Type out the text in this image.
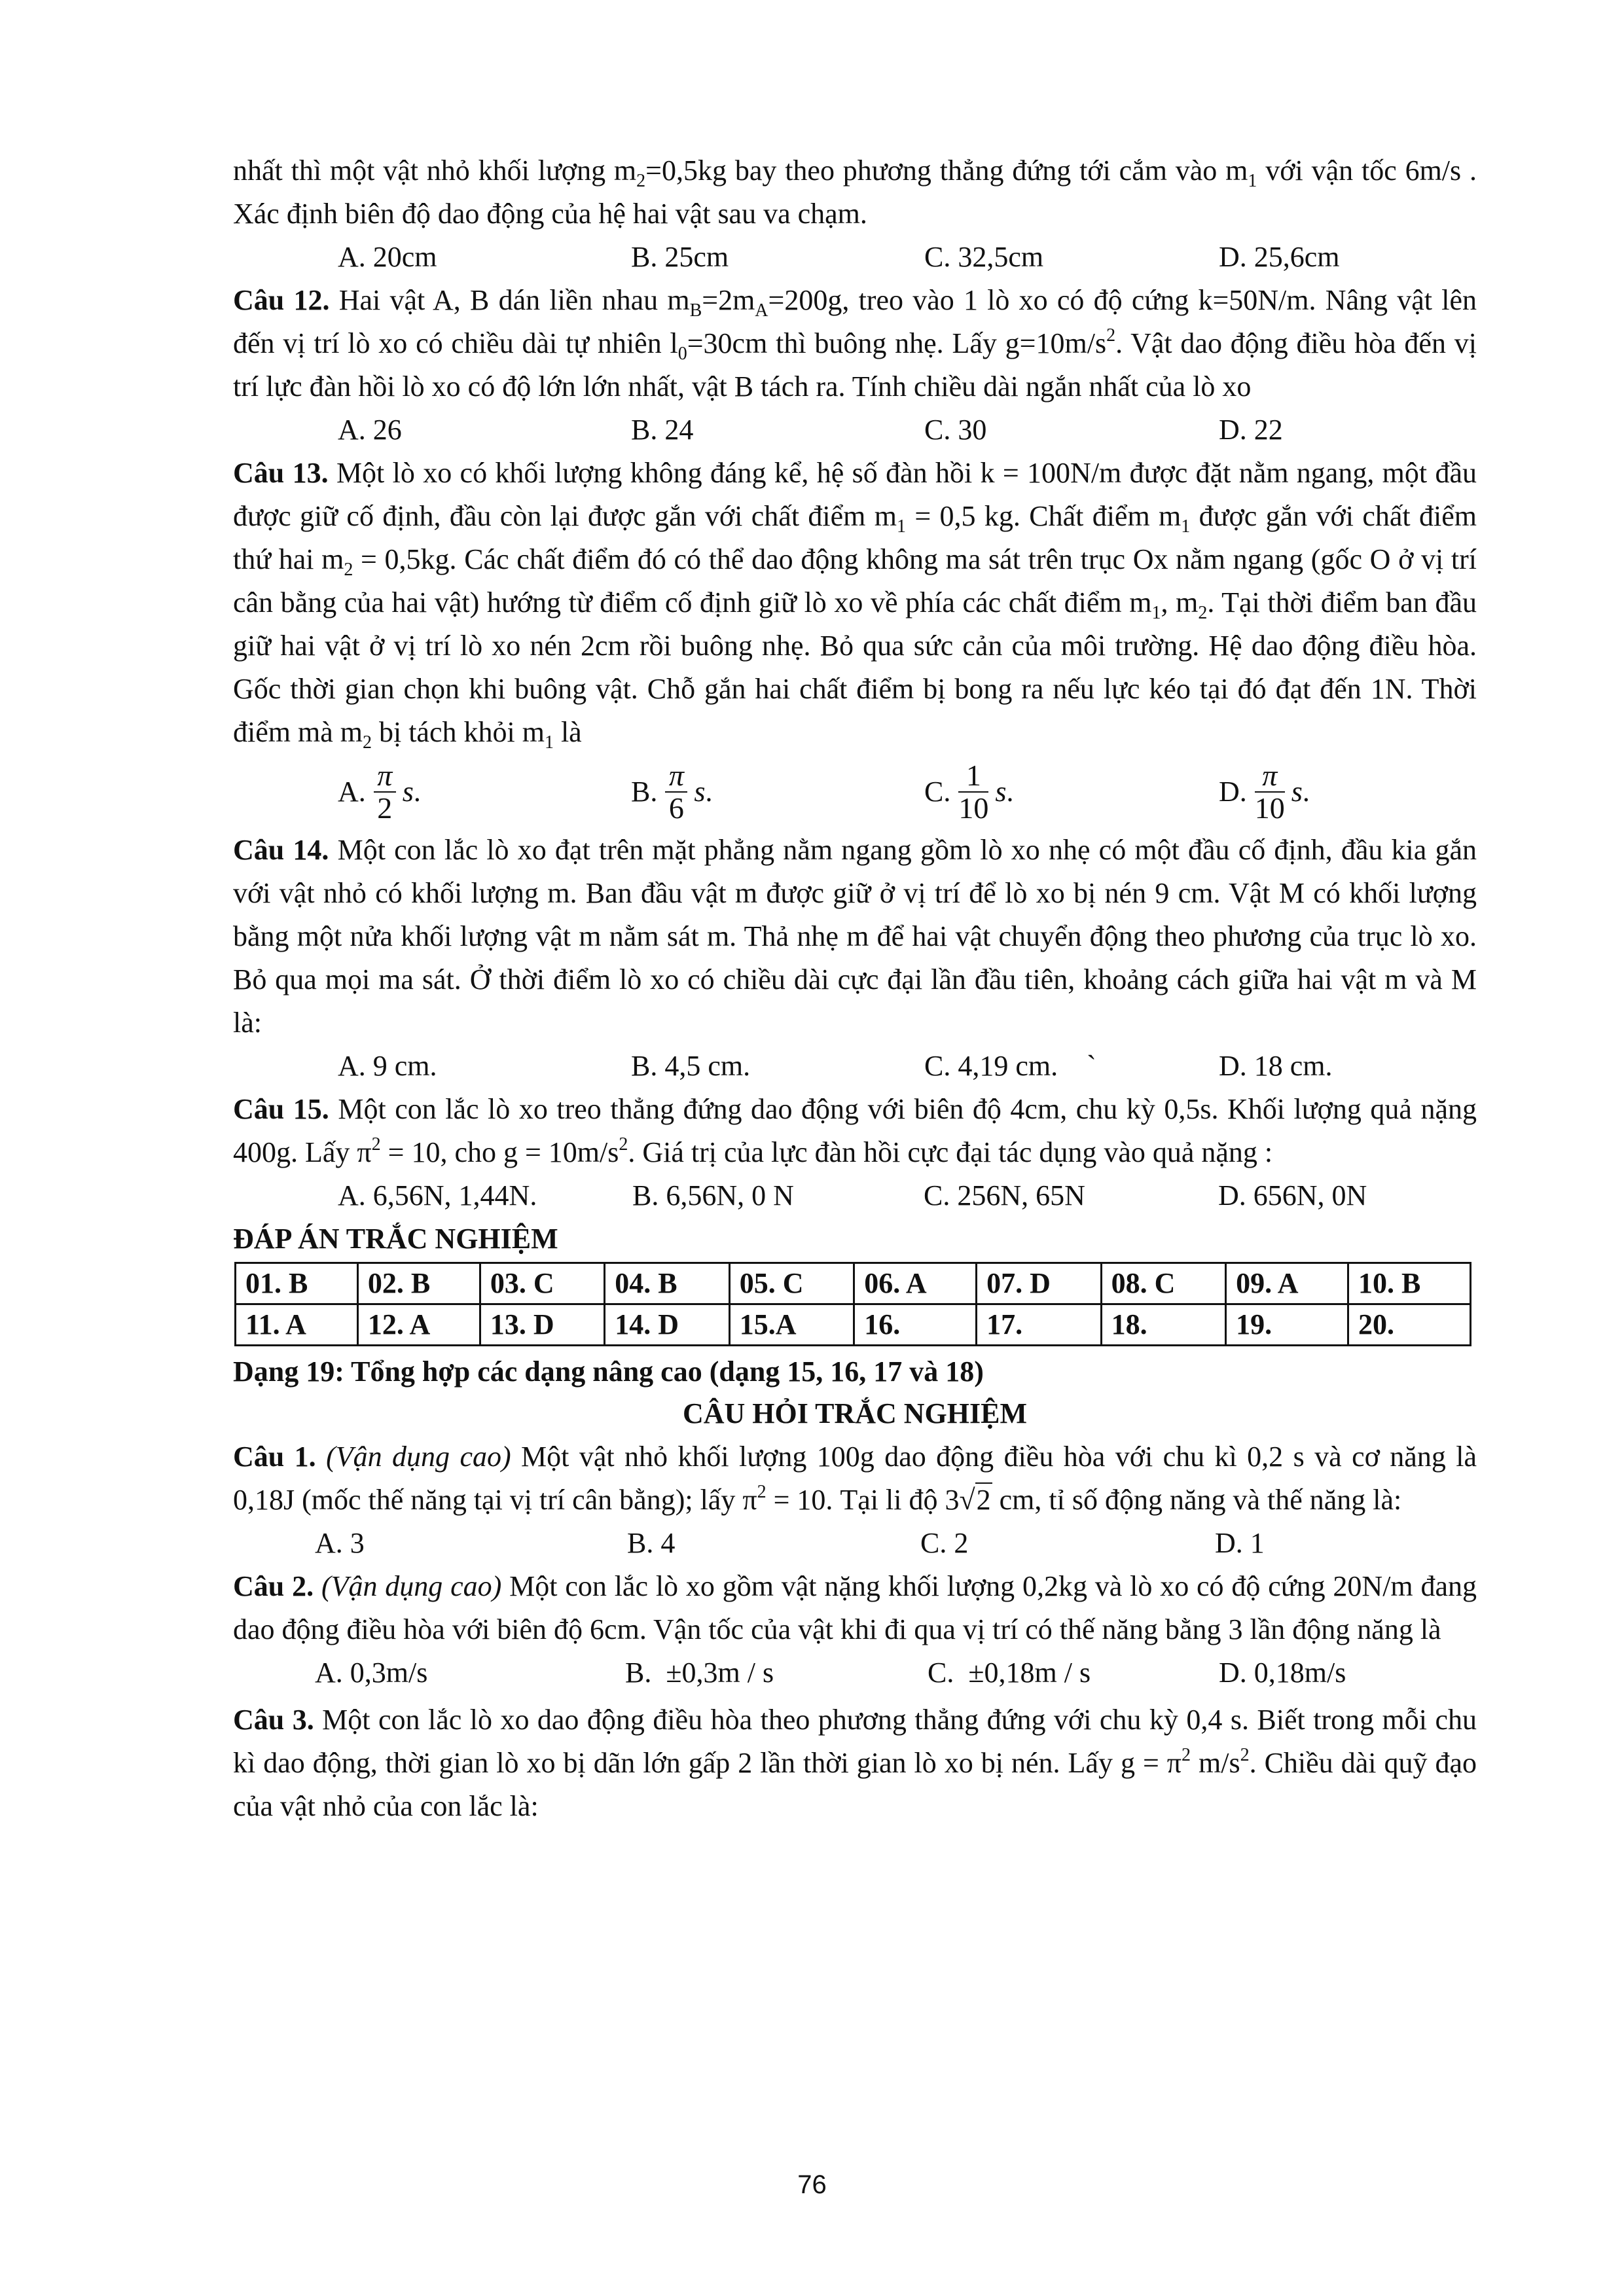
nhất thì một vật nhỏ khối lượng $m_2=0,5kg$ bay theo phương thẳng đứng tới cắm vào $m_1$ với vận tốc 6m/s . Xác định biên độ dao động của hệ hai vật sau va chạm.
A. 20cm	B. 25cm	C. 32,5cm	D. 25,6cm
Câu 12. Hai vật A, B dán liền nhau $m_B=2m_A=200g$, treo vào 1 lò xo có độ cứng k=50N/m. Nâng vật lên đến vị trí lò xo có chiều dài tự nhiên $l_0=30cm$ thì buông nhẹ. Lấy $g=10m/s^2$. Vật dao động điều hòa đến vị trí lực đàn hồi lò xo có độ lớn lớn nhất, vật B tách ra. Tính chiều dài ngắn nhất của lò xo
A. 26	B. 24	C. 30	D. 22
Câu 13. Một lò xo có khối lượng không đáng kể, hệ số đàn hồi k = 100N/m được đặt nằm ngang, một đầu được giữ cố định, đầu còn lại được gắn với chất điểm $m_1 = 0,5$ kg. Chất điểm $m_1$ được gắn với chất điểm thứ hai $m_2 = 0,5kg$. Các chất điểm đó có thể dao động không ma sát trên trục Ox nằm ngang (gốc O ở vị trí cân bằng của hai vật) hướng từ điểm cố định giữ lò xo về phía các chất điểm $m_1$, $m_2$. Tại thời điểm ban đầu giữ hai vật ở vị trí lò xo nén 2cm rồi buông nhẹ. Bỏ qua sức cản của môi trường. Hệ dao động điều hòa. Gốc thời gian chọn khi buông vật. Chỗ gắn hai chất điểm bị bong ra nếu lực kéo tại đó đạt đến 1N. Thời điểm mà $m_2$ bị tách khỏi $m_1$ là
A. $\frac{\pi}{2}$ s .	B. $\frac{\pi}{6}$ s .	C. $\frac{1}{10}$ s .	D. $\frac{\pi}{10}$ s .
Câu 14. Một con lắc lò xo đạt trên mặt phẳng nằm ngang gồm lò xo nhẹ có một đầu cố định, đầu kia gắn với vật nhỏ có khối lượng m. Ban đầu vật m được giữ ở vị trí để lò xo bị nén 9 cm. Vật M có khối lượng bằng một nửa khối lượng vật m nằm sát m. Thả nhẹ m để hai vật chuyển động theo phương của trục lò xo. Bỏ qua mọi ma sát. Ở thời điểm lò xo có chiều dài cực đại lần đầu tiên, khoảng cách giữa hai vật m và M là:
A. 9 cm.	B. 4,5 cm.	C. 4,19 cm.    `	D. 18 cm.
Câu 15. Một con lắc lò xo treo thẳng đứng dao động với biên độ 4cm, chu kỳ 0,5s. Khối lượng quả nặng 400g. Lấy $\pi^2 = 10$, cho $g = 10m/s^2$. Giá trị của lực đàn hồi cực đại tác dụng vào quả nặng :
A. 6,56N, 1,44N.	B. 6,56N, 0 N	C. 256N, 65N	D. 656N, 0N
ĐÁP ÁN TRẮC NGHIỆM
01. B	02. B	03. C	04. B	05. C	06. A	07. D	08. C	09. A	10. B
11. A	12. A	13. D	14. D	15.A	16.	17.	18.	19.	20.
Dạng 19: Tổng hợp các dạng nâng cao (dạng 15, 16, 17 và 18)
CÂU HỎI TRẮC NGHIỆM
Câu 1. (Vận dụng cao) Một vật nhỏ khối lượng 100g dao động điều hòa với chu kì 0,2 s và cơ năng là 0,18J (mốc thế năng tại vị trí cân bằng); lấy $\pi^2 = 10$. Tại li độ 3√2 cm, tỉ số động năng và thế năng là:
A. 3	B. 4	C. 2	D. 1
Câu 2. (Vận dụng cao) Một con lắc lò xo gồm vật nặng khối lượng 0,2kg và lò xo có độ cứng 20N/m đang dao động điều hòa với biên độ 6cm. Vận tốc của vật khi đi qua vị trí có thế năng bằng 3 lần động năng là
A. 0,3m/s	B.  ±0,3m / s	C.  ±0,18m / s	D. 0,18m/s
Câu 3. Một con lắc lò xo dao động điều hòa theo phương thẳng đứng với chu kỳ 0,4 s. Biết trong mỗi chu kì dao động, thời gian lò xo bị dãn lớn gấp 2 lần thời gian lò xo bị nén. Lấy $g = \pi^2$ $m/s^2$. Chiều dài quỹ đạo của vật nhỏ của con lắc là:
76
